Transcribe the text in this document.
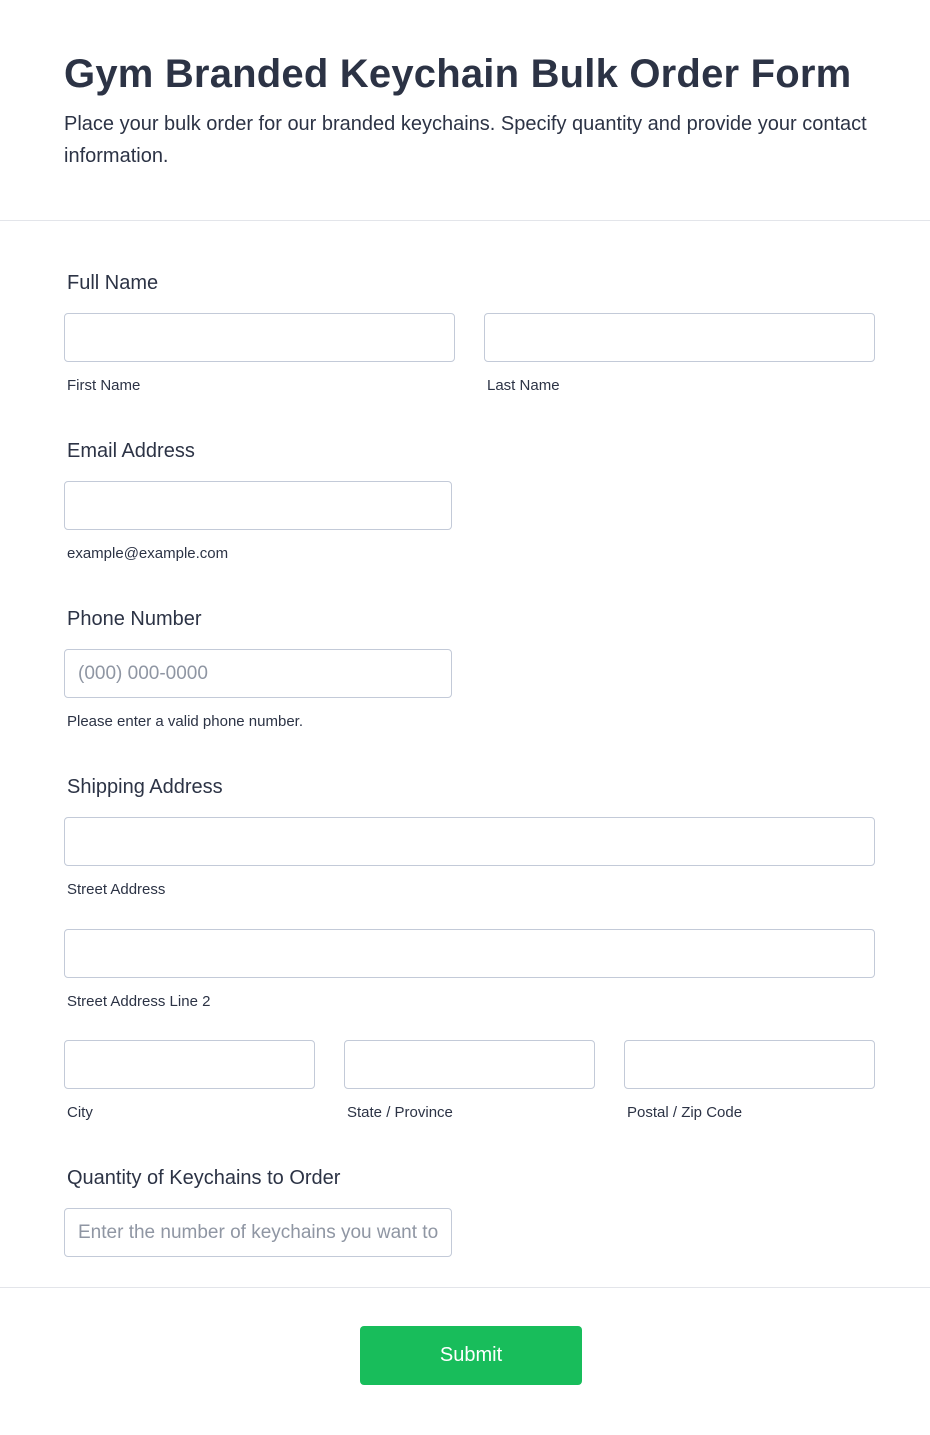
Gym Branded Keychain Bulk Order Form

Place your bulk order for our branded keychains. Specify quantity and provide your contact information.

Full Name
First Name	Last Name
Email Address
example@example.com
Phone Number
(000) 000-0000
Please enter a valid phone number.
Shipping Address
Street Address
Street Address Line 2
City	State / Province	Postal / Zip Code
Quantity of Keychains to Order
Enter the number of keychains you want to order
Submit
